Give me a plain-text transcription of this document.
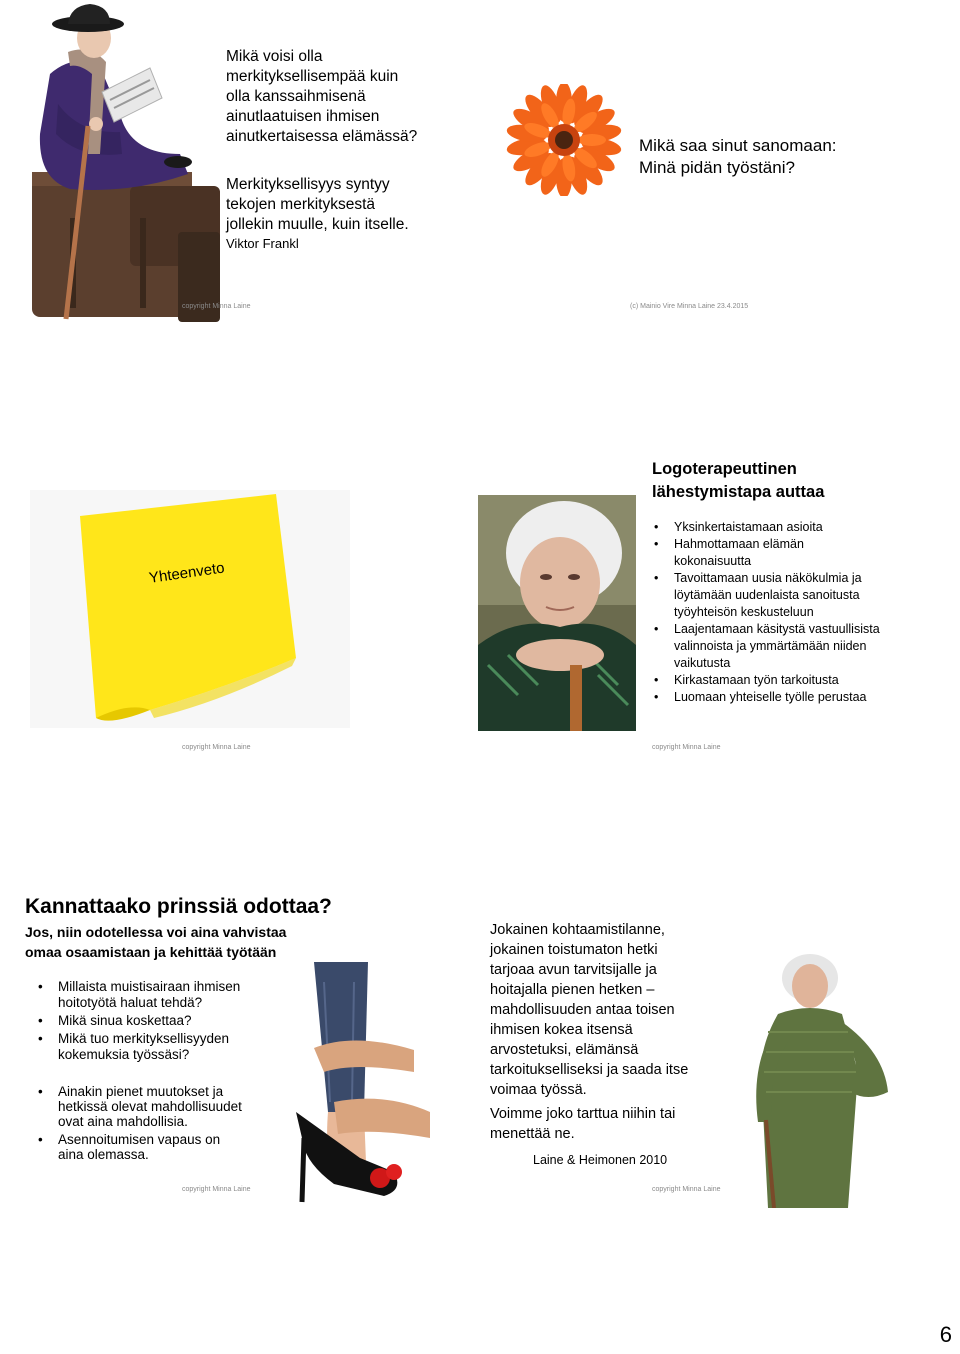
Mikä voisi olla
merkityksellisempää kuin
olla kanssaihmisenä
ainutlaatuisen ihmisen
ainutkertaisessa elämässä?
Merkityksellisyys syntyy
tekojen merkityksestä
jollekin muulle, kuin itselle.
Viktor Frankl
copyright Minna Laine
Mikä saa sinut sanomaan:
Minä pidän työstäni?
(c) Mainio Vire Minna Laine 23.4.2015
Yhteenveto
copyright Minna Laine
Logoterapeuttinen
lähestymistapa auttaa
• Yksinkertaistamaan asioita
• Hahmottamaan elämän
kokonaisuutta
• Tavoittamaan uusia näkökulmia ja
löytämään uudenlaista sanoitusta
työyhteisön keskusteluun
• Laajentamaan käsitystä vastuullisista
valinnoista ja ymmärtämään niiden
vaikutusta
• Kirkastamaan työn tarkoitusta
• Luomaan yhteiselle työlle perustaa
copyright Minna Laine
Kannattaako prinssiä odottaa?
Jos, niin odotellessa voi aina vahvistaa
omaa osaamistaan ja kehittää työtään
• Millaista muistisairaan ihmisen
hoitotyötä haluat tehdä?
• Mikä sinua koskettaa?
• Mikä tuo merkityksellisyyden
kokemuksia työssäsi?
• Ainakin pienet muutokset ja
hetkissä olevat mahdollisuudet
ovat aina mahdollisia.
• Asennoitumisen vapaus on
aina olemassa.
copyright Minna Laine
Jokainen kohtaamistilanne,
jokainen toistumaton hetki
tarjoaa avun tarvitsijalle ja
hoitajalla pienen hetken –
mahdollisuuden antaa toisen
ihmisen kokea itsensä
arvostetuksi, elämänsä
tarkoitukselliseksi ja saada itse
voimaa työssä.
Voimme joko tarttua niihin tai
menettää ne.
Laine & Heimonen 2010
copyright Minna Laine
6
